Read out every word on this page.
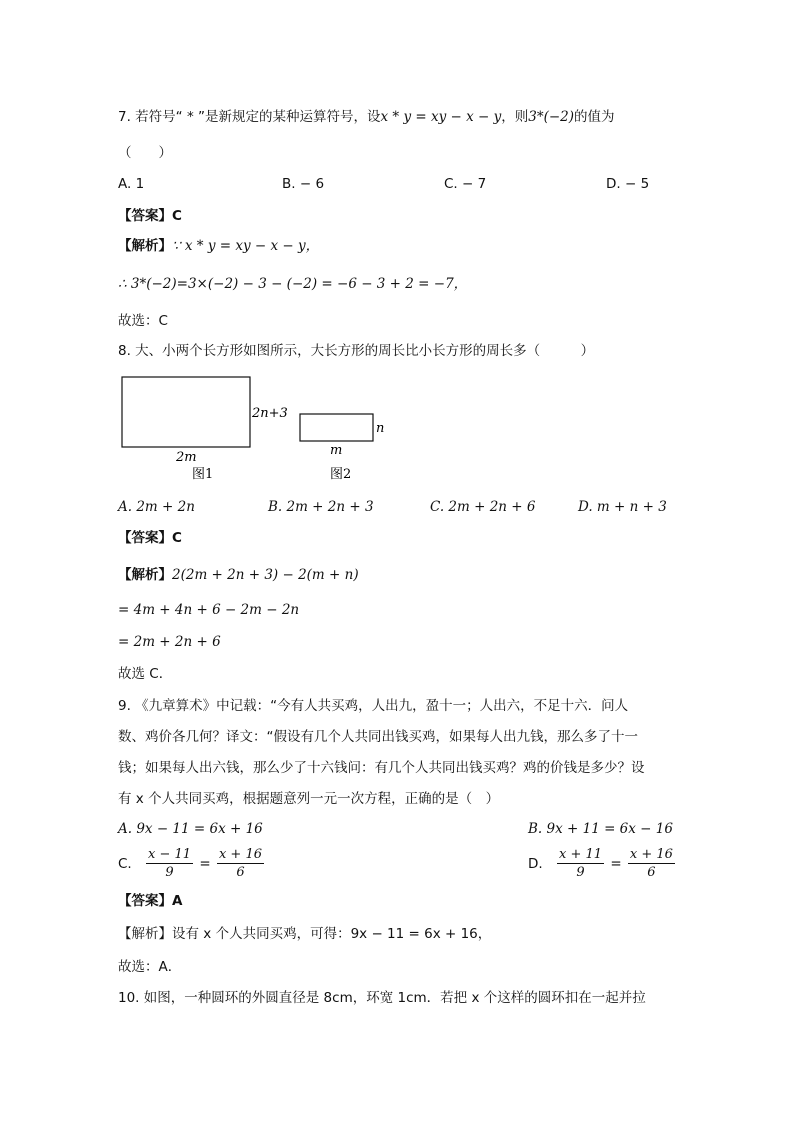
7. 若符号“ * ”是新规定的某种运算符号，设x * y = xy − x − y，则3*(−2)的值为
（　　）
A. 1	B. − 6	C. − 7	D. − 5
【答案】C
【解析】∵ x * y = xy − x − y，
∴ 3*(−2)=3×(−2) − 3 − (−2) = −6 − 3 + 2 = −7，
故选：C
8. 大、小两个长方形如图所示，大长方形的周长比小长方形的周长多（　　　）
2n+3
2m
图1
n
m
图2
A. 2m + 2n	B. 2m + 2n + 3	C. 2m + 2n + 6	D. m + n + 3
【答案】C
【解析】2(2m + 2n + 3) − 2(m + n)
= 4m + 4n + 6 − 2m − 2n
= 2m + 2n + 6
故选 C．
9. 《九章算术》中记载：“今有人共买鸡，人出九，盈十一；人出六，不足十六．问人
数、鸡价各几何？译文：“假设有几个人共同出钱买鸡，如果每人出九钱，那么多了十一
钱；如果每人出六钱，那么少了十六钱问：有几个人共同出钱买鸡？鸡的价钱是多少？设
有 x 个人共同买鸡，根据题意列一元一次方程，正确的是（　）
A. 9x − 11 = 6x + 16	B. 9x + 11 = 6x − 16
C. $\frac{x - 11}{9} = \frac{x + 16}{6}$	D. $\frac{x + 11}{9} = \frac{x + 16}{6}$
【答案】A
【解析】设有 x 个人共同买鸡，可得：9x − 11 = 6x + 16，
故选：A．
10. 如图，一种圆环的外圆直径是 8cm，环宽 1cm．若把 x 个这样的圆环扣在一起并拉
